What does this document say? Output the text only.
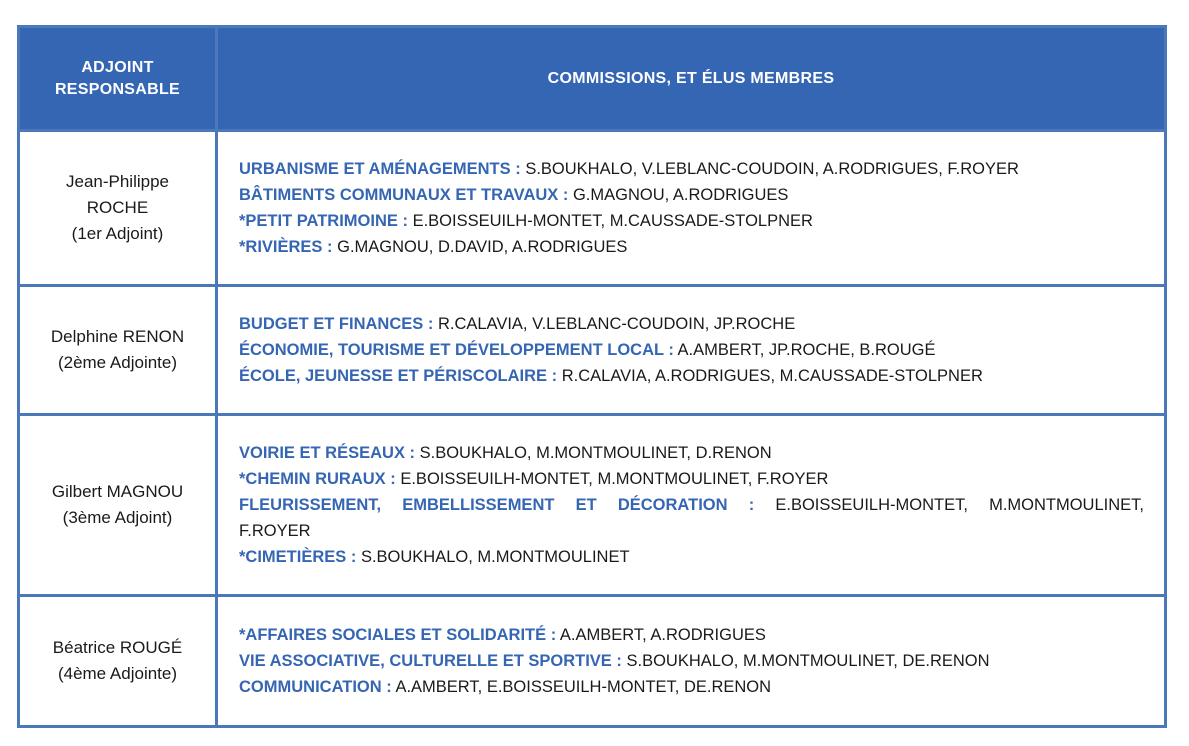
ADJOINT
RESPONSABLE
COMMISSIONS, ET ÉLUS MEMBRES
Jean-Philippe
ROCHE
(1er Adjoint)
URBANISME ET AMÉNAGEMENTS : S.BOUKHALO, V.LEBLANC-COUDOIN, A.RODRIGUES, F.ROYER
BÂTIMENTS COMMUNAUX ET TRAVAUX : G.MAGNOU, A.RODRIGUES
*PETIT PATRIMOINE : E.BOISSEUILH-MONTET, M.CAUSSADE-STOLPNER
*RIVIÈRES : G.MAGNOU, D.DAVID, A.RODRIGUES
Delphine RENON
(2ème Adjointe)
BUDGET ET FINANCES : R.CALAVIA, V.LEBLANC-COUDOIN, JP.ROCHE
ÉCONOMIE, TOURISME ET DÉVELOPPEMENT LOCAL : A.AMBERT, JP.ROCHE, B.ROUGÉ
ÉCOLE, JEUNESSE ET PÉRISCOLAIRE : R.CALAVIA, A.RODRIGUES, M.CAUSSADE-STOLPNER
Gilbert MAGNOU
(3ème Adjoint)
VOIRIE ET RÉSEAUX : S.BOUKHALO, M.MONTMOULINET, D.RENON
*CHEMIN RURAUX : E.BOISSEUILH-MONTET, M.MONTMOULINET, F.ROYER
FLEURISSEMENT, EMBELLISSEMENT ET DÉCORATION : E.BOISSEUILH-MONTET, M.MONTMOULINET, F.ROYER
*CIMETIÈRES : S.BOUKHALO, M.MONTMOULINET
Béatrice ROUGÉ
(4ème Adjointe)
*AFFAIRES SOCIALES ET SOLIDARITÉ : A.AMBERT, A.RODRIGUES
VIE ASSOCIATIVE, CULTURELLE ET SPORTIVE : S.BOUKHALO, M.MONTMOULINET, DE.RENON
COMMUNICATION : A.AMBERT, E.BOISSEUILH-MONTET, DE.RENON
